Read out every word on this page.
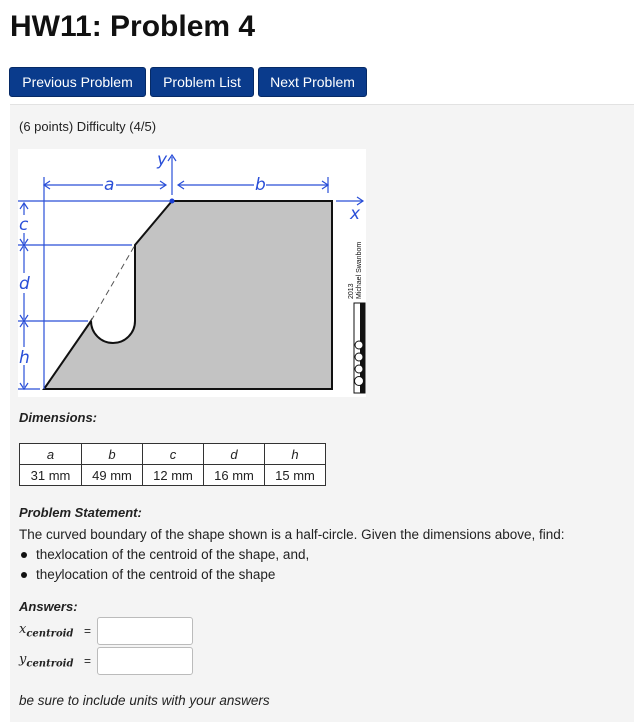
HW11: Problem 4
Previous Problem	Problem List	Next Problem
(6 points) Difficulty (4/5)
a	b
c
d
h
x
y
2013 Michael Swanbom
Dimensions:
a	b	c	d	h
31 mm	49 mm	12 mm	16 mm	15 mm
Problem Statement:
The curved boundary of the shape shown is a half-circle. Given the dimensions above, find:
the x location of the centroid of the shape, and,
the y location of the centroid of the shape
Answers:
$x_{centroid}$ =
$y_{centroid}$ =
be sure to include units with your answers
